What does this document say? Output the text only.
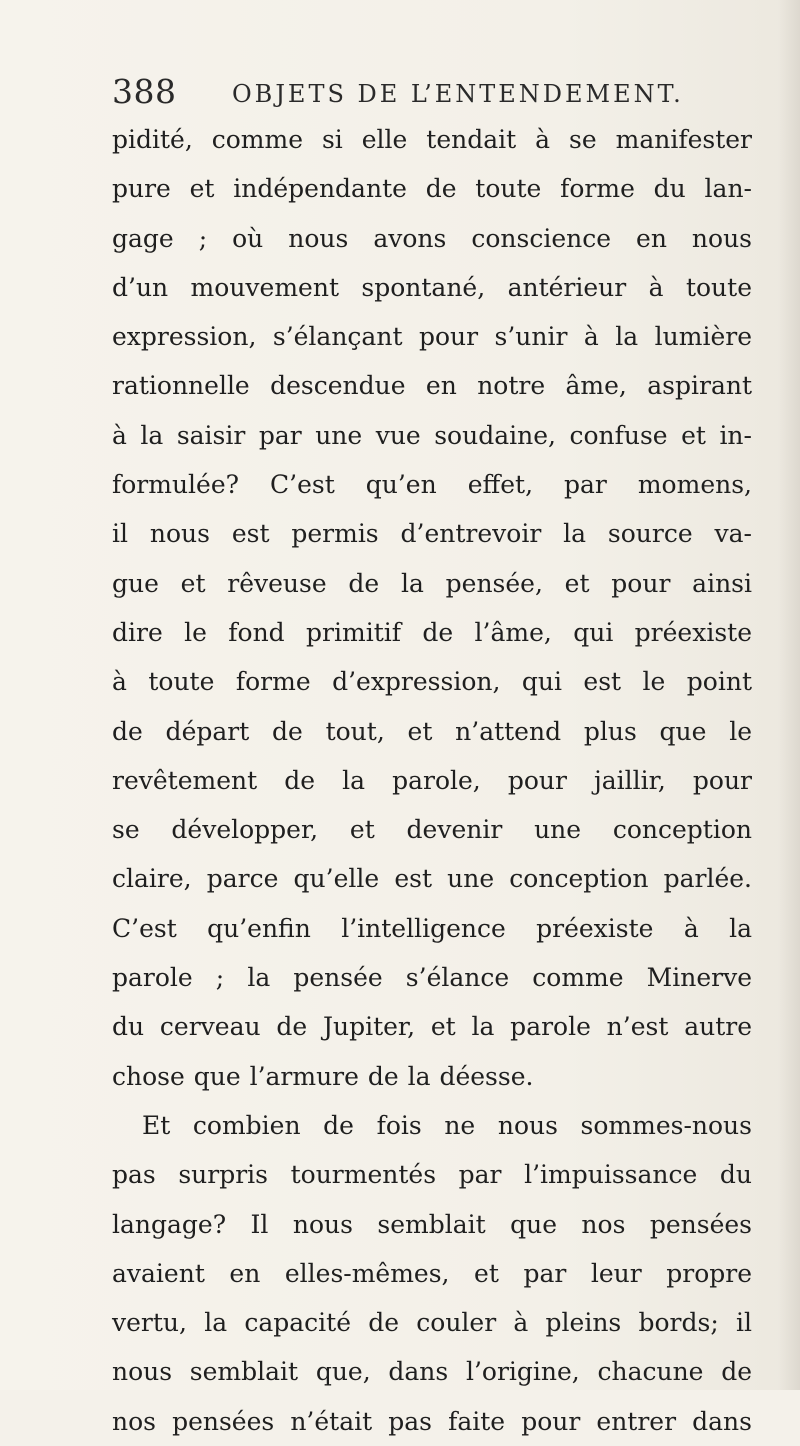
388 OBJETS DE L’ENTENDEMENT.
pidité, comme si elle tendait à se manifester
pure et indépendante de toute forme du lan-
gage ; où nous avons conscience en nous
d’un mouvement spontané, antérieur à toute
expression, s’élançant pour s’unir à la lumière
rationnelle descendue en notre âme, aspirant
à la saisir par une vue soudaine, confuse et in-
formulée? C’est qu’en effet, par momens,
il nous est permis d’entrevoir la source va-
gue et rêveuse de la pensée, et pour ainsi
dire le fond primitif de l’âme, qui préexiste
à toute forme d’expression, qui est le point
de départ de tout, et n’attend plus que le
revêtement de la parole, pour jaillir, pour
se développer, et devenir une conception
claire, parce qu’elle est une conception parlée.
C’est qu’enfin l’intelligence préexiste à la
parole ; la pensée s’élance comme Minerve
du cerveau de Jupiter, et la parole n’est autre
chose que l’armure de la déesse.
Et combien de fois ne nous sommes-nous
pas surpris tourmentés par l’impuissance du
langage? Il nous semblait que nos pensées
avaient en elles-mêmes, et par leur propre
vertu, la capacité de couler à pleins bords; il
nous semblait que, dans l’origine, chacune de
nos pensées n’était pas faite pour entrer dans
